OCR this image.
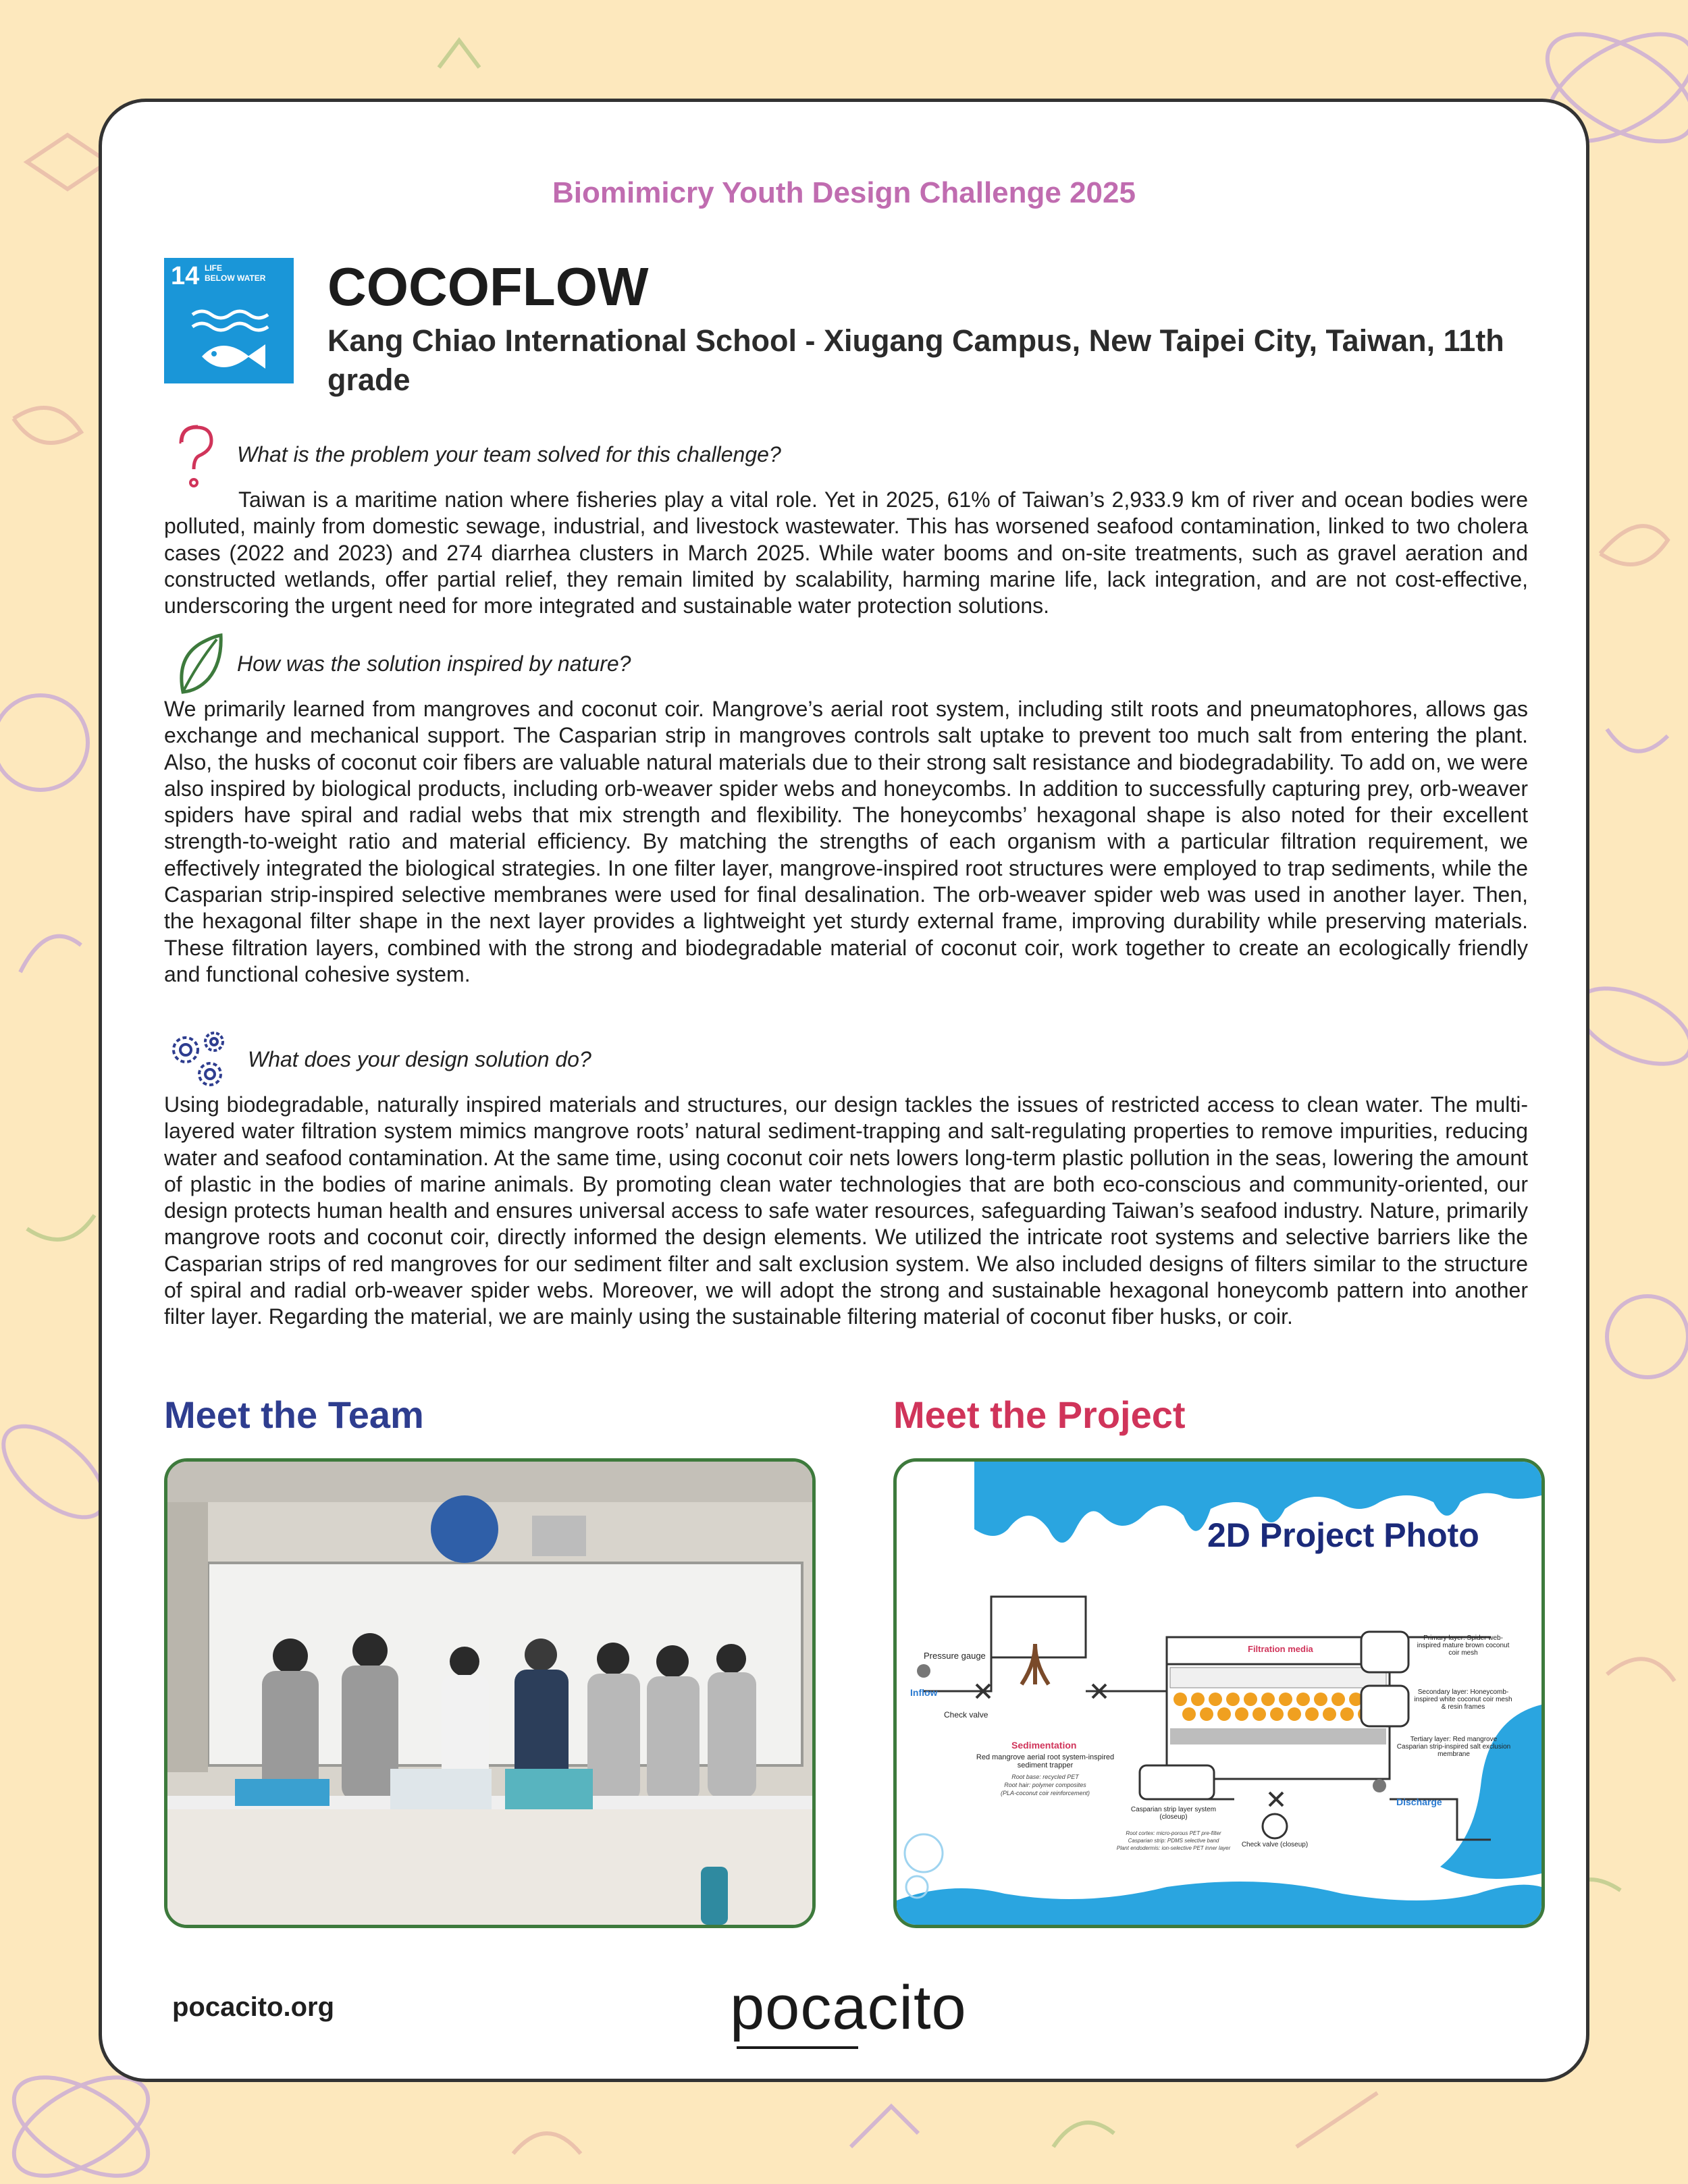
Biomimicry Youth Design Challenge 2025
14 LIFE
BELOW WATER COCOFLOW
Kang Chiao International School - Xiugang Campus, New Taipei City, Taiwan, 11th grade
What is the problem your team solved for this challenge?
Taiwan is a maritime nation where fisheries play a vital role. Yet in 2025, 61% of Taiwan’s 2,933.9 km of river and ocean bodies were polluted, mainly from domestic sewage, industrial, and livestock wastewater. This has worsened seafood contamination, linked to two cholera cases (2022 and 2023) and 274 diarrhea clusters in March 2025. While water booms and on-site treatments, such as gravel aeration and constructed wetlands, offer partial relief, they remain limited by scalability, harming marine life, lack integration, and are not cost-effective, underscoring the urgent need for more integrated and sustainable water protection solutions.
How was the solution inspired by nature?
We primarily learned from mangroves and coconut coir. Mangrove’s aerial root system, including stilt roots and pneumatophores, allows gas exchange and mechanical support. The Casparian strip in mangroves controls salt uptake to prevent too much salt from entering the plant. Also, the husks of coconut coir fibers are valuable natural materials due to their strong salt resistance and biodegradability. To add on, we were also inspired by biological products, including orb-weaver spider webs and honeycombs. In addition to successfully capturing prey, orb-weaver spiders have spiral and radial webs that mix strength and flexibility. The honeycombs’ hexagonal shape is also noted for their excellent strength-to-weight ratio and material efficiency. By matching the strengths of each organism with a particular filtration requirement, we effectively integrated the biological strategies. In one filter layer, mangrove-inspired root structures were employed to trap sediments, while the Casparian strip-inspired selective membranes were used for final desalination. The orb-weaver spider web was used in another layer. Then, the hexagonal filter shape in the next layer provides a lightweight yet sturdy external frame, improving durability while preserving materials. These filtration layers, combined with the strong and biodegradable material of coconut coir, work together to create an ecologically friendly and functional cohesive system.
What does your design solution do?
Using biodegradable, naturally inspired materials and structures, our design tackles the issues of restricted access to clean water. The multi-layered water filtration system mimics mangrove roots’ natural sediment-trapping and salt-regulating properties to remove impurities, reducing water and seafood contamination. At the same time, using coconut coir nets lowers long-term plastic pollution in the seas, lowering the amount of plastic in the bodies of marine animals. By promoting clean water technologies that are both eco-conscious and community-oriented, our design protects human health and ensures universal access to safe water resources, safeguarding Taiwan’s seafood industry. Nature, primarily mangrove roots and coconut coir, directly informed the design elements. We utilized the intricate root systems and selective barriers like the Casparian strips of red mangroves for our sediment filter and salt exclusion system. We also included designs of filters similar to the structure of spiral and radial orb-weaver spider webs. Moreover, we will adopt the strong and sustainable hexagonal honeycomb pattern into another filter layer. Regarding the material, we are mainly using the sustainable filtering material of coconut fiber husks, or coir.
Meet the Team	Meet the Project
2D Project Photo
Pressure gauge
Inflow
Check valve
Sedimentation
Red mangrove aerial root system-inspired sediment trapper
Root base: recycled PET
Root hair: polymer composites
(PLA-coconut coir reinforcement)
Filtration media
Primary layer: Spider web-inspired mature brown coconut coir mesh
Secondary layer: Honeycomb-inspired white coconut coir mesh & resin frames
Tertiary layer: Red mangrove Casparian strip-inspired salt exclusion membrane
Discharge
Casparian strip layer system (closeup)
Root cortex: micro-porous PET pre-filter
Casparian strip: PDMS selective band
Plant endodermis: ion-selective PET inner layer	Check valve (closeup)
pocacito.org	pocacito
